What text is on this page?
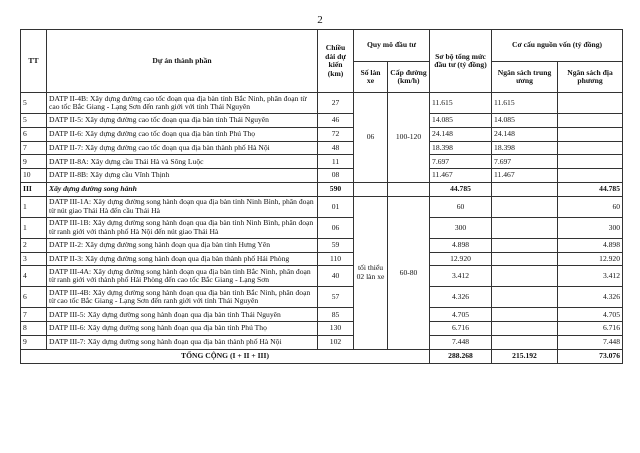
2
TT	Dự án thành phần	Chiều dài dự kiến (km)	Quy mô đầu tư		Sơ bộ tổng mức đầu tư (tỷ đồng)	Cơ cấu nguồn vốn (tỷ đồng)	
			Số làn xe	Cấp đường (km/h)		Ngân sách trung ương	Ngân sách địa phương
5	DATP II-4B: Xây dựng đường cao tốc đoạn qua địa bàn tỉnh Bắc Ninh, phân đoạn từ cao tốc Bắc Giang - Lạng Sơn đến ranh giới với tỉnh Thái Nguyên	27	06	100-120	11.615	11.615	
5	DATP II-5: Xây dựng đường cao tốc đoạn qua địa bàn tỉnh Thái Nguyên	46			14.085	14.085	
6	DATP II-6: Xây dựng đường cao tốc đoạn qua địa bàn tỉnh Phú Thọ	72			24.148	24.148	
7	DATP II-7: Xây dựng đường cao tốc đoạn qua địa bàn thành phố Hà Nội	48			18.398	18.398	
9	DATP II-8A: Xây dựng cầu Thái Hà và Sông Luộc	11			7.697	7.697	
10	DATP II-8B: Xây dựng cầu Vĩnh Thịnh	08			11.467	11.467	
III	Xây dựng đường song hành	590			44.785		44.785
1	DATP III-1A: Xây dựng đường song hành đoạn qua địa bàn tỉnh Ninh Bình, phân đoạn từ nút giao Thái Hà đến cầu Thái Hà	01	tối thiểu 02 làn xe	60-80	60		60
1	DATP III-1B: Xây dựng đường song hành đoạn qua địa bàn tỉnh Ninh Bình, phân đoạn từ ranh giới với thành phố Hà Nội đến nút giao Thái Hà	06			300		300
2	DATP II-2: Xây dựng đường song hành đoạn qua địa bàn tỉnh Hưng Yên	59			4.898		4.898
3	DATP II-3: Xây dựng đường song hành đoạn qua địa bàn thành phố Hải Phòng	110			12.920		12.920
4	DATP III-4A: Xây dựng đường song hành đoạn qua địa bàn tỉnh Bắc Ninh, phân đoạn từ ranh giới với thành phố Hải Phòng đến cao tốc Bắc Giang - Lạng Sơn	40			3.412		3.412
6	DATP III-4B: Xây dựng đường song hành đoạn qua địa bàn tỉnh Bắc Ninh, phân đoạn từ cao tốc Bắc Giang - Lạng Sơn đến ranh giới với tỉnh Thái Nguyên	57			4.326		4.326
7	DATP III-5: Xây dựng đường song hành đoạn qua địa bàn tỉnh Thái Nguyên	85			4.705		4.705
8	DATP III-6: Xây dựng đường song hành đoạn qua địa bàn tỉnh Phú Thọ	130			6.716		6.716
9	DATP III-7: Xây dựng đường song hành đoạn qua địa bàn thành phố Hà Nội	102			7.448		7.448
TỔNG CỘNG (I + II + III)					288.268	215.192	73.076
